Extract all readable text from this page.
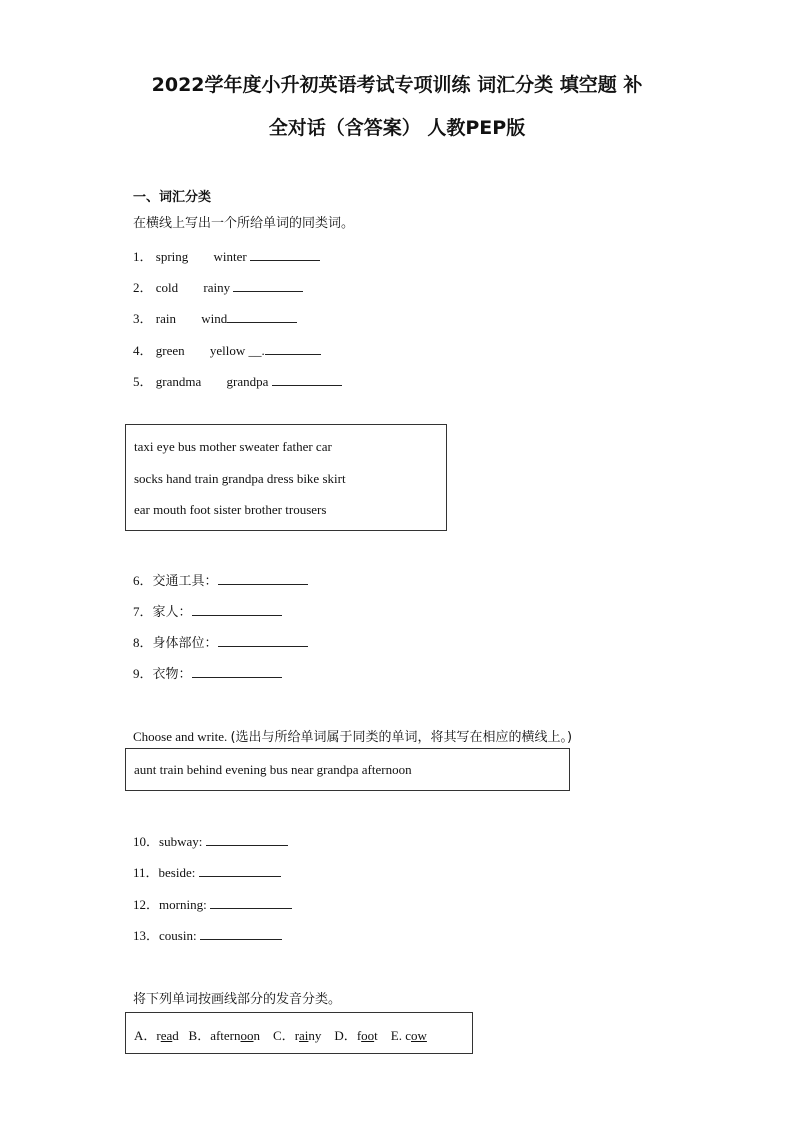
2022学年度小升初英语考试专项训练 词汇分类 填空题 补
全对话（含答案） 人教PEP版
一、词汇分类
在横线上写出一个所给单词的同类词。
1． spring winter
2． cold rainy
3． rain wind
4． green yellow __.
5． grandma grandpa
taxi eye bus mother sweater father car
socks hand train grandpa dress bike skirt
ear mouth foot sister brother trousers
6．交通工具：
7．家人：
8．身体部位：
9．衣物：
Choose and write. (选出与所给单词属于同类的单词，将其写在相应的横线上。)
aunt train behind evening bus near grandpa afternoon
10．subway:
11．beside:
12．morning:
13．cousin:
将下列单词按画线部分的发音分类。
A．read B．afternoon C．rainy D．foot E. cow
